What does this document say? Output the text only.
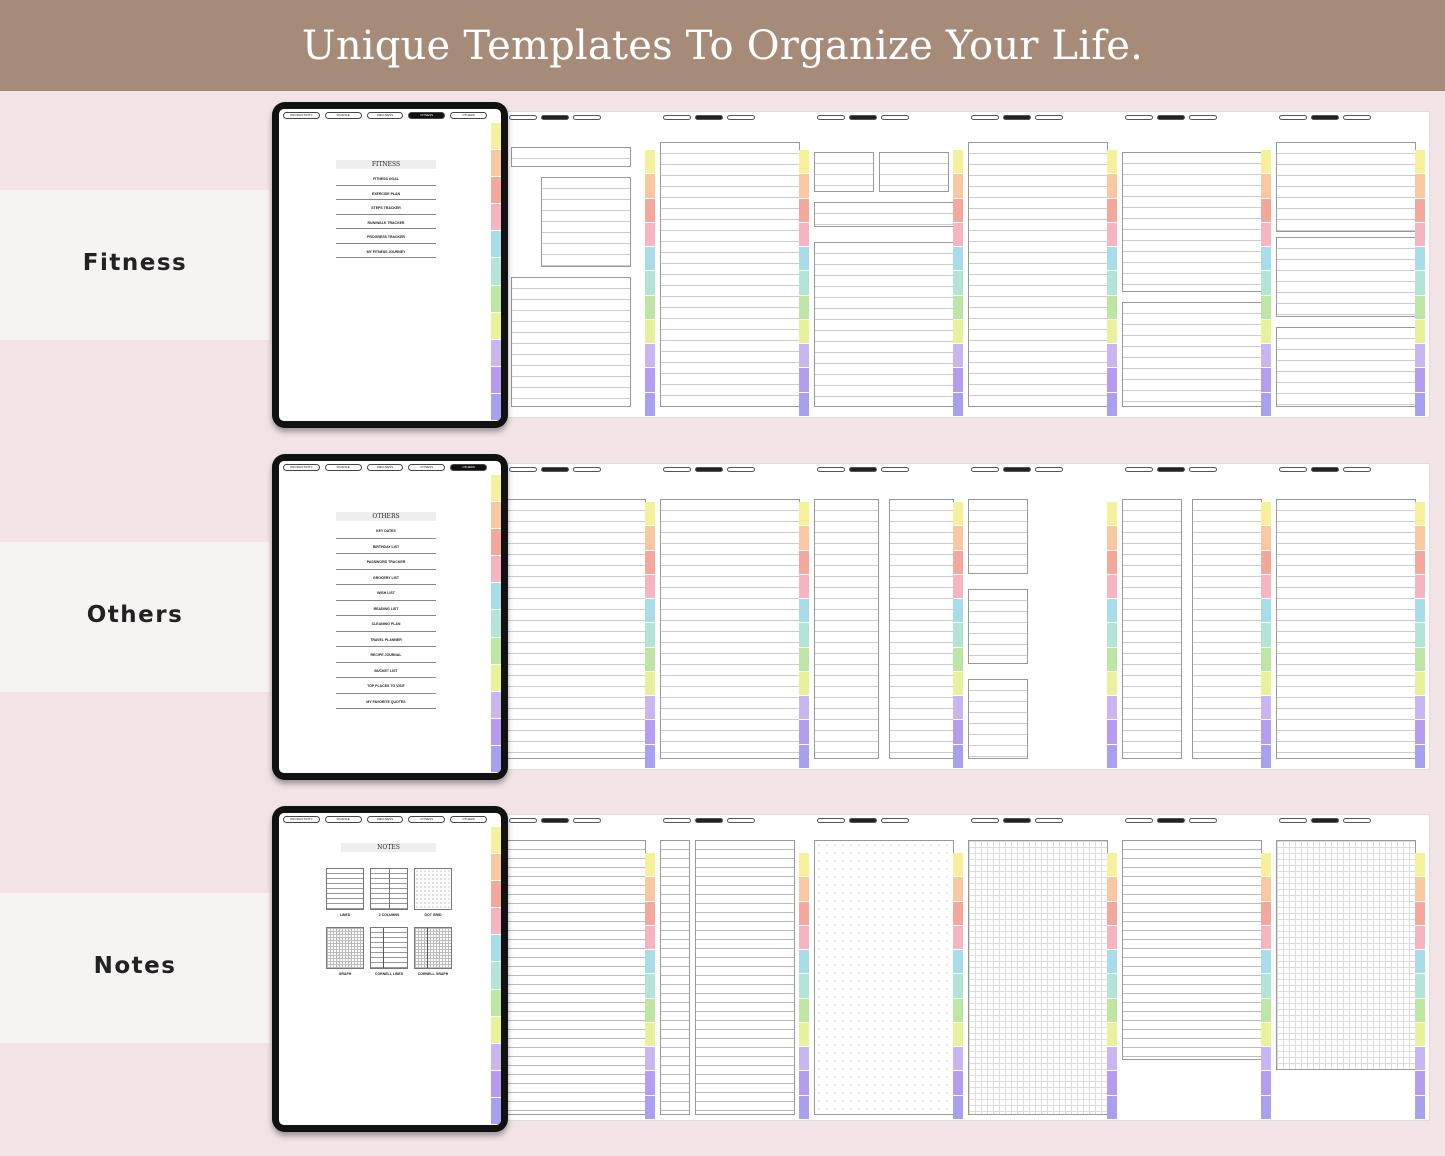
Unique Templates To Organize Your Life.
Fitness
Others
Notes
PRODUCTIVITY	FINANCE	WELLNESS	FITNESS	OTHERS
FITNESS
FITNESS GOAL
EXERCISE PLAN
STEPS TRACKER
RUN/WALK TRACKER
PROGRESS TRACKER
MY FITNESS JOURNEY
PRODUCTIVITY	FINANCE	WELLNESS	FITNESS	OTHERS
OTHERS
KEY DATES
BIRTHDAY LIST
PASSWORD TRACKER
GROCERY LIST
WISH LIST
READING LIST
CLEANING PLAN
TRAVEL PLANNER
RECIPE JOURNAL
BUCKET LIST
TOP PLACES TO VISIT
MY FAVORITE QUOTES
PRODUCTIVITY	FINANCE	WELLNESS	FITNESS	OTHERS
NOTES
LINED	2 COLUMNS	DOT GRID
GRAPH	CORNELL LINES	CORNELL GRAPH
